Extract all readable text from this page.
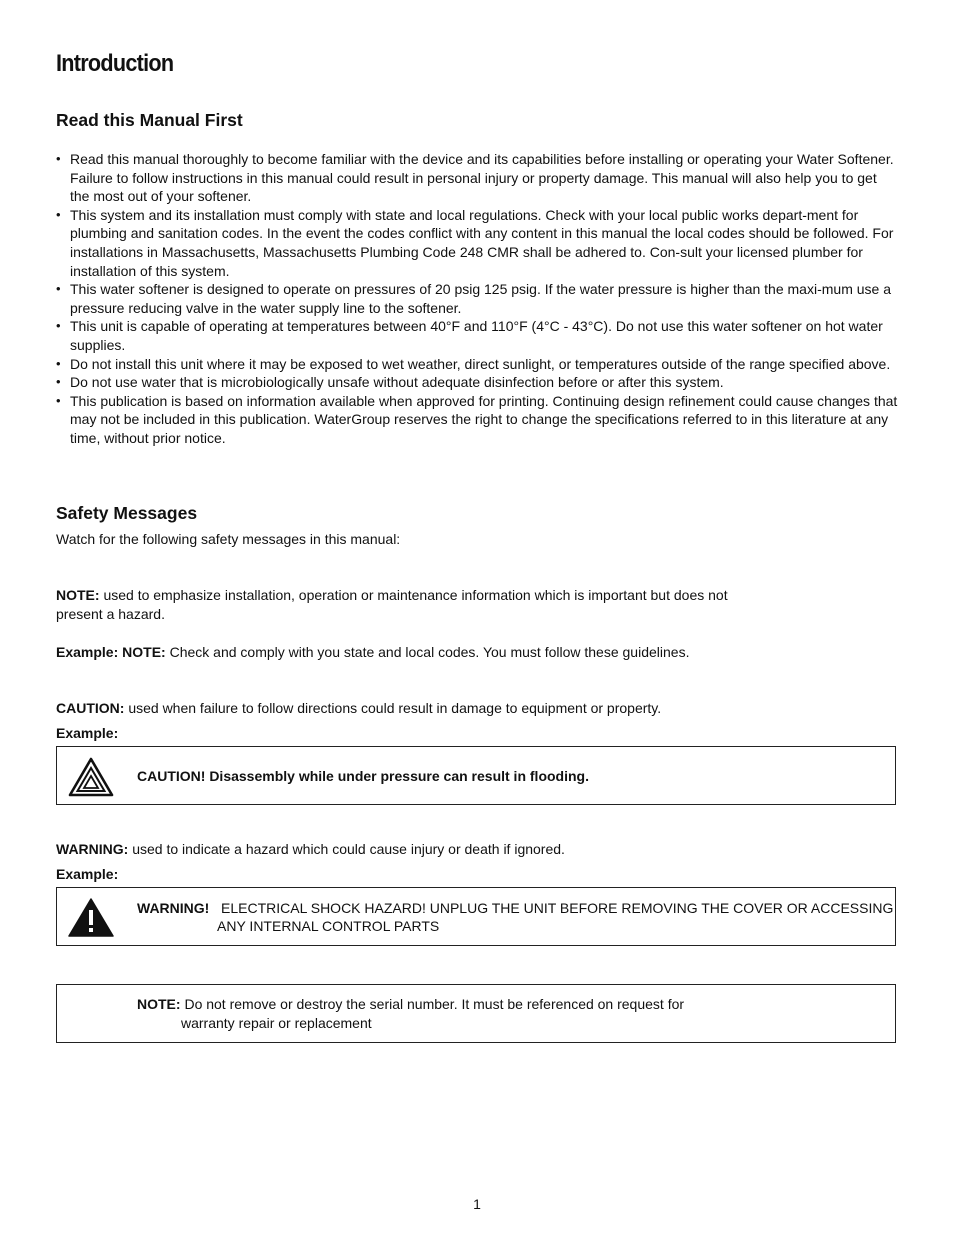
Introduction
Read this Manual First
• Read this manual thoroughly to become familiar with the device and its capabilities before installing or operating your Water Softener. Failure to follow instructions in this manual could result in personal injury or property damage. This manual will also help you to get the most out of your softener.
• This system and its installation must comply with state and local regulations. Check with your local public works depart-ment for plumbing and sanitation codes. In the event the codes conflict with any content in this manual the local codes should be followed. For installations in Massachusetts, Massachusetts Plumbing Code 248 CMR shall be adhered to. Con-sult your licensed plumber for installation of this system.
• This water softener is designed to operate on pressures of 20 psig 125 psig. If the water pressure is higher than the maxi-mum use a pressure reducing valve in the water supply line to the softener.
• This unit is capable of operating at temperatures between 40°F and 110°F (4°C - 43°C). Do not use this water softener on hot water supplies.
• Do not install this unit where it may be exposed to wet weather, direct sunlight, or temperatures outside of the range specified above.
• Do not use water that is microbiologically unsafe without adequate disinfection before or after this system.
• This publication is based on information available when approved for printing. Continuing design refinement could cause changes that may not be included in this publication. WaterGroup reserves the right to change the specifications referred to in this literature at any time, without prior notice.
Safety Messages
Watch for the following safety messages in this manual:
NOTE: used to emphasize installation, operation or maintenance information which is important but does not
present a hazard.
Example: NOTE: Check and comply with you state and local codes. You must follow these guidelines.
CAUTION: used when failure to follow directions could result in damage to equipment or property.
Example:
CAUTION! Disassembly while under pressure can result in flooding.
WARNING: used to indicate a hazard which could cause injury or death if ignored.
Example:
WARNING! ELECTRICAL SHOCK HAZARD! UNPLUG THE UNIT BEFORE REMOVING THE COVER OR ACCESSING
ANY INTERNAL CONTROL PARTS
NOTE: Do not remove or destroy the serial number. It must be referenced on request for
warranty repair or replacement
1
